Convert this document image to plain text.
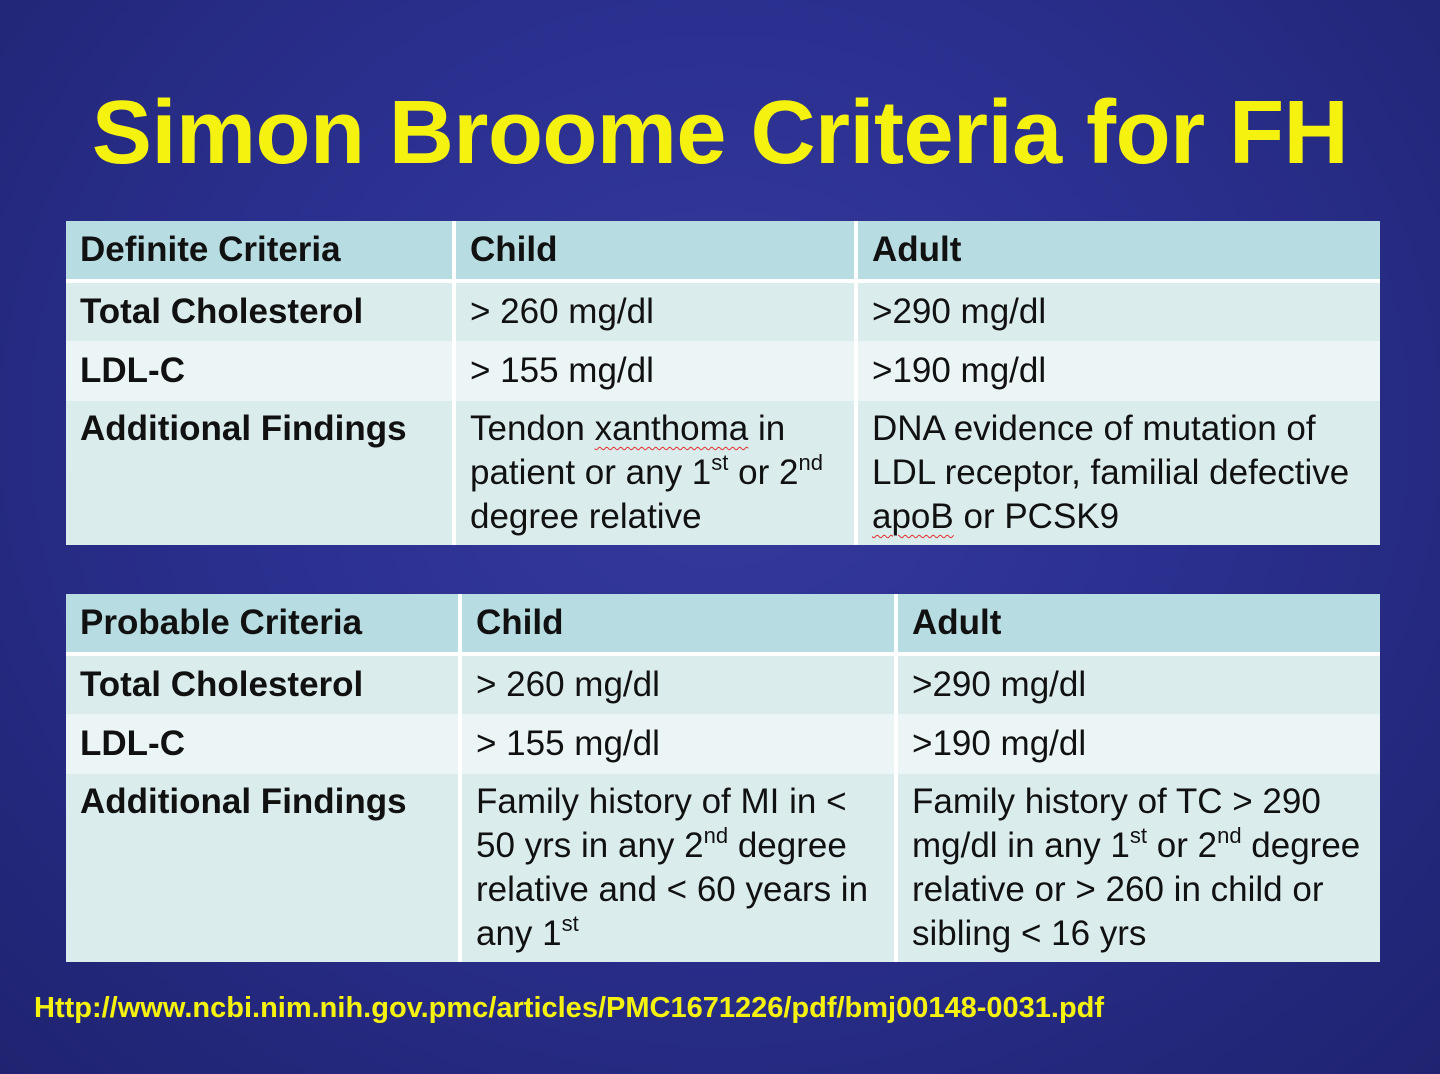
Simon Broome Criteria for FH
Definite Criteria	Child	Adult
Total Cholesterol	> 260 mg/dl	>290 mg/dl
LDL-C	> 155 mg/dl	>190 mg/dl
Additional Findings	Tendon xanthoma in patient or any 1st or 2nd degree relative	DNA evidence of mutation of LDL receptor, familial defective apoB or PCSK9
Probable Criteria	Child	Adult
Total Cholesterol	> 260 mg/dl	>290 mg/dl
LDL-C	> 155 mg/dl	>190 mg/dl
Additional Findings	Family history of MI in < 50 yrs in any 2nd degree relative and < 60 years in any 1st	Family history of TC > 290 mg/dl in any 1st or 2nd degree relative or > 260 in child or sibling < 16 yrs
Http://www.ncbi.nim.nih.gov.pmc/articles/PMC1671226/pdf/bmj00148-0031.pdf
